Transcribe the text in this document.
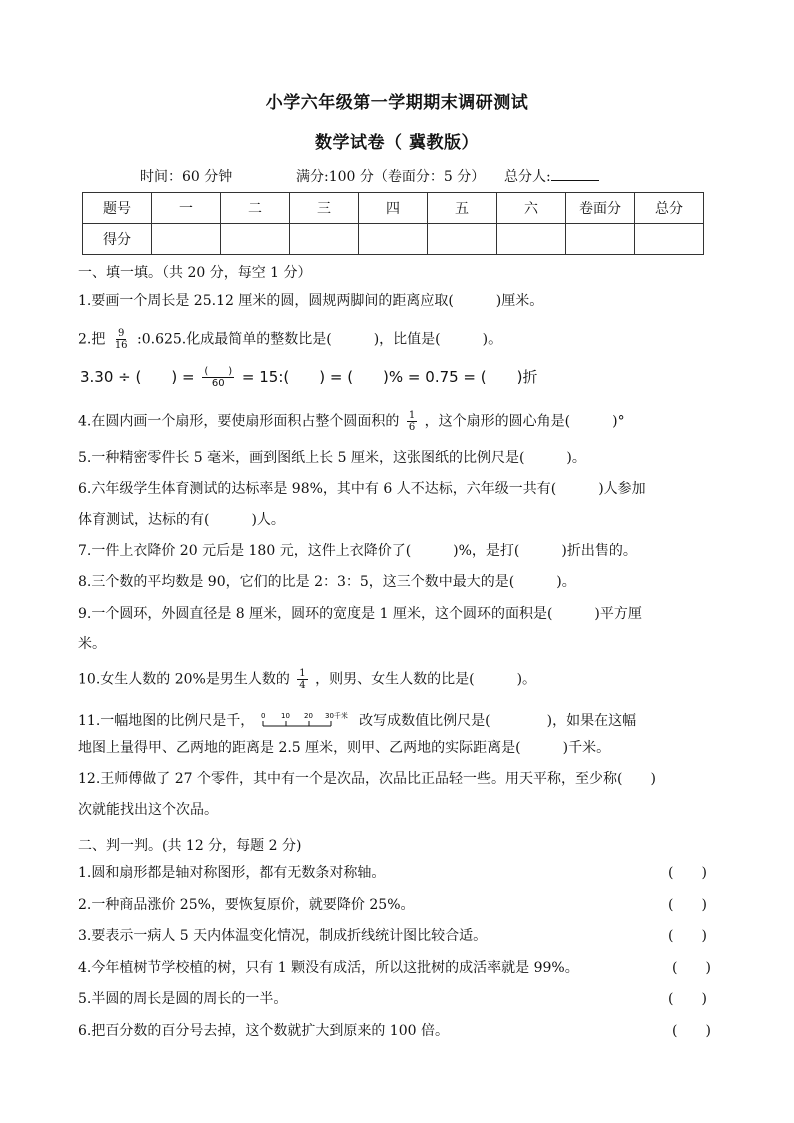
小学六年级第一学期期末调研测试
数学试卷（ 冀教版）
时间：60 分钟	满分:100 分（卷面分：5 分） 总分人:
题号	一	二	三	四	五	六	卷面分	总分
得分								
一、填一填。（共 20 分，每空 1 分）
1.要画一个周长是 25.12 厘米的圆，圆规两脚间的距离应取(　　　)厘米。
2.把 $\frac{9}{16}$ :0.625.化成最简单的整数比是(　　　)，比值是(　　　)。
3.30 ÷ (　　) = $\frac{( )}{60}$ = 15:(　　) = (　　)% = 0.75 = (　　)折
4.在圆内画一个扇形，要使扇形面积占整个圆面积的 $\frac{1}{6}$ ，这个扇形的圆心角是(　　　)°
5.一种精密零件长 5 毫米，画到图纸上长 5 厘米，这张图纸的比例尺是(　　　)。
6.六年级学生体育测试的达标率是 98%，其中有 6 人不达标，六年级一共有(　　　)人参加
体育测试，达标的有(　　　)人。
7.一件上衣降价 20 元后是 180 元，这件上衣降价了(　　　)%，是打(　　　)折出售的。
8.三个数的平均数是 90，它们的比是 2：3：5，这三个数中最大的是(　　　)。
9.一个圆环，外圆直径是 8 厘米，圆环的宽度是 1 厘米，这个圆环的面积是(　　　)平方厘
米。
10.女生人数的 20%是男生人数的 $\frac{1}{4}$ ，则男、女生人数的比是(　　　)。
11.一幅地图的比例尺是千， 0 10 20 30千米 改写成数值比例尺是(　　　　)，如果在这幅
地图上量得甲、乙两地的距离是 2.5 厘米，则甲、乙两地的实际距离是(　　　)千米。
12.王师傅做了 27 个零件，其中有一个是次品，次品比正品轻一些。用天平称，至少称(　　)
次就能找出这个次品。
二、判一判。(共 12 分，每题 2 分)
1.圆和扇形都是轴对称图形，都有无数条对称轴。	(　　)
2.一种商品涨价 25%，要恢复原价，就要降价 25%。	(　　)
3.要表示一病人 5 天内体温变化情况，制成折线统计图比较合适。	(　　)
4.今年植树节学校植的树，只有 1 颗没有成活，所以这批树的成活率就是 99%。	(　　)
5.半圆的周长是圆的周长的一半。	(　　)
6.把百分数的百分号去掉，这个数就扩大到原来的 100 倍。	(　　)
